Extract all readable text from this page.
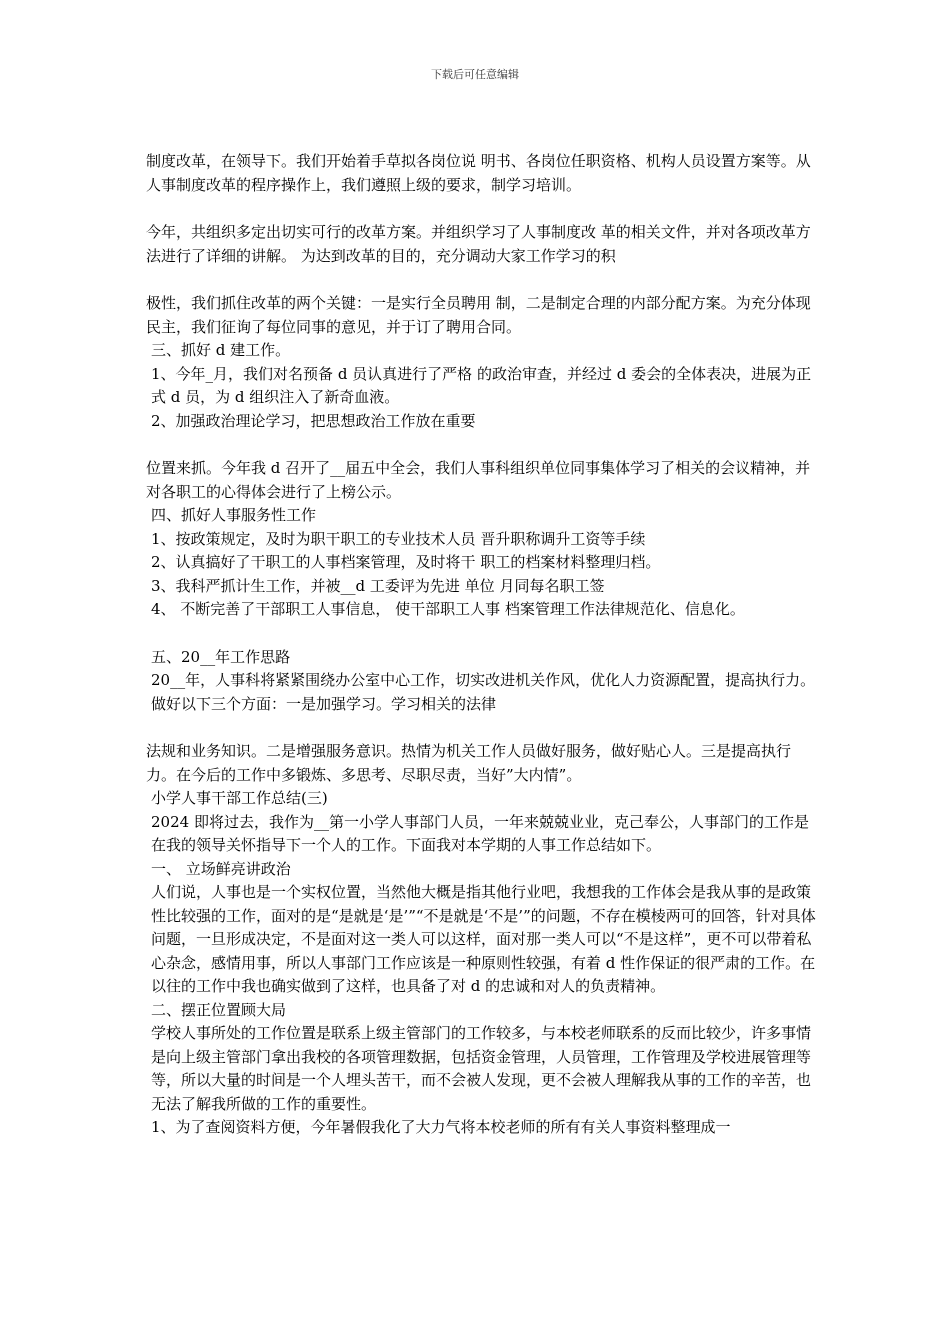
下载后可任意编辑

制度改革，在领导下。我们开始着手草拟各岗位说 明书、各岗位任职资格、机构人员设置方案等。从人事制度改革的程序操作上，我们遵照上级的要求，制学习培训。

今年，共组织多定出切实可行的改革方案。并组织学习了人事制度改 革的相关文件，并对各项改革方法进行了详细的讲解。 为达到改革的目的，充分调动大家工作学习的积

极性，我们抓住改革的两个关键：一是实行全员聘用 制，二是制定合理的内部分配方案。为充分体现民主，我们征询了每位同事的意见，并于订了聘用合同。

三、抓好 d 建工作。

1、今年_月，我们对名预备 d 员认真进行了严格 的政治审查，并经过 d 委会的全体表决，进展为正式 d 员，为 d 组织注入了新奇血液。

2、加强政治理论学习，把思想政治工作放在重要

位置来抓。今年我 d 召开了__届五中全会，我们人事科组织单位同事集体学习了相关的会议精神，并对各职工的心得体会进行了上榜公示。

四、抓好人事服务性工作

1、按政策规定，及时为职干职工的专业技术人员 晋升职称调升工资等手续

2、认真搞好了干职工的人事档案管理，及时将干 职工的档案材料整理归档。

3、我科严抓计生工作，并被__d 工委评为先进 单位 月同每名职工签

4、 不断完善了干部职工人事信息， 使干部职工人事 档案管理工作法律规范化、信息化。

五、20__年工作思路

20__年，人事科将紧紧围绕办公室中心工作，切实改进机关作风，优化人力资源配置，提高执行力。 做好以下三个方面：一是加强学习。学习相关的法律

法规和业务知识。二是增强服务意识。热情为机关工作人员做好服务，做好贴心人。三是提高执行力。在今后的工作中多锻炼、多思考、尽职尽责，当好”大内情”。

小学人事干部工作总结(三)

2024 即将过去，我作为__第一小学人事部门人员，一年来兢兢业业，克己奉公，人事部门的工作是在我的领导关怀指导下一个人的工作。下面我对本学期的人事工作总结如下。

一、 立场鲜亮讲政治

人们说，人事也是一个实权位置，当然他大概是指其他行业吧，我想我的工作体会是我从事的是政策性比较强的工作，面对的是“是就是‘是’”“不是就是‘不是’”的问题，不存在模棱两可的回答，针对具体问题，一旦形成决定，不是面对这一类人可以这样，面对那一类人可以“不是这样”，更不可以带着私心杂念，感情用事，所以人事部门工作应该是一种原则性较强，有着 d 性作保证的很严肃的工作。在以往的工作中我也确实做到了这样，也具备了对 d 的忠诚和对人的负责精神。

二、摆正位置顾大局

学校人事所处的工作位置是联系上级主管部门的工作较多，与本校老师联系的反而比较少，许多事情是向上级主管部门拿出我校的各项管理数据，包括资金管理，人员管理，工作管理及学校进展管理等等，所以大量的时间是一个人埋头苦干，而不会被人发现，更不会被人理解我从事的工作的辛苦，也无法了解我所做的工作的重要性。

1、为了查阅资料方便，今年暑假我化了大力气将本校老师的所有有关人事资料整理成一
